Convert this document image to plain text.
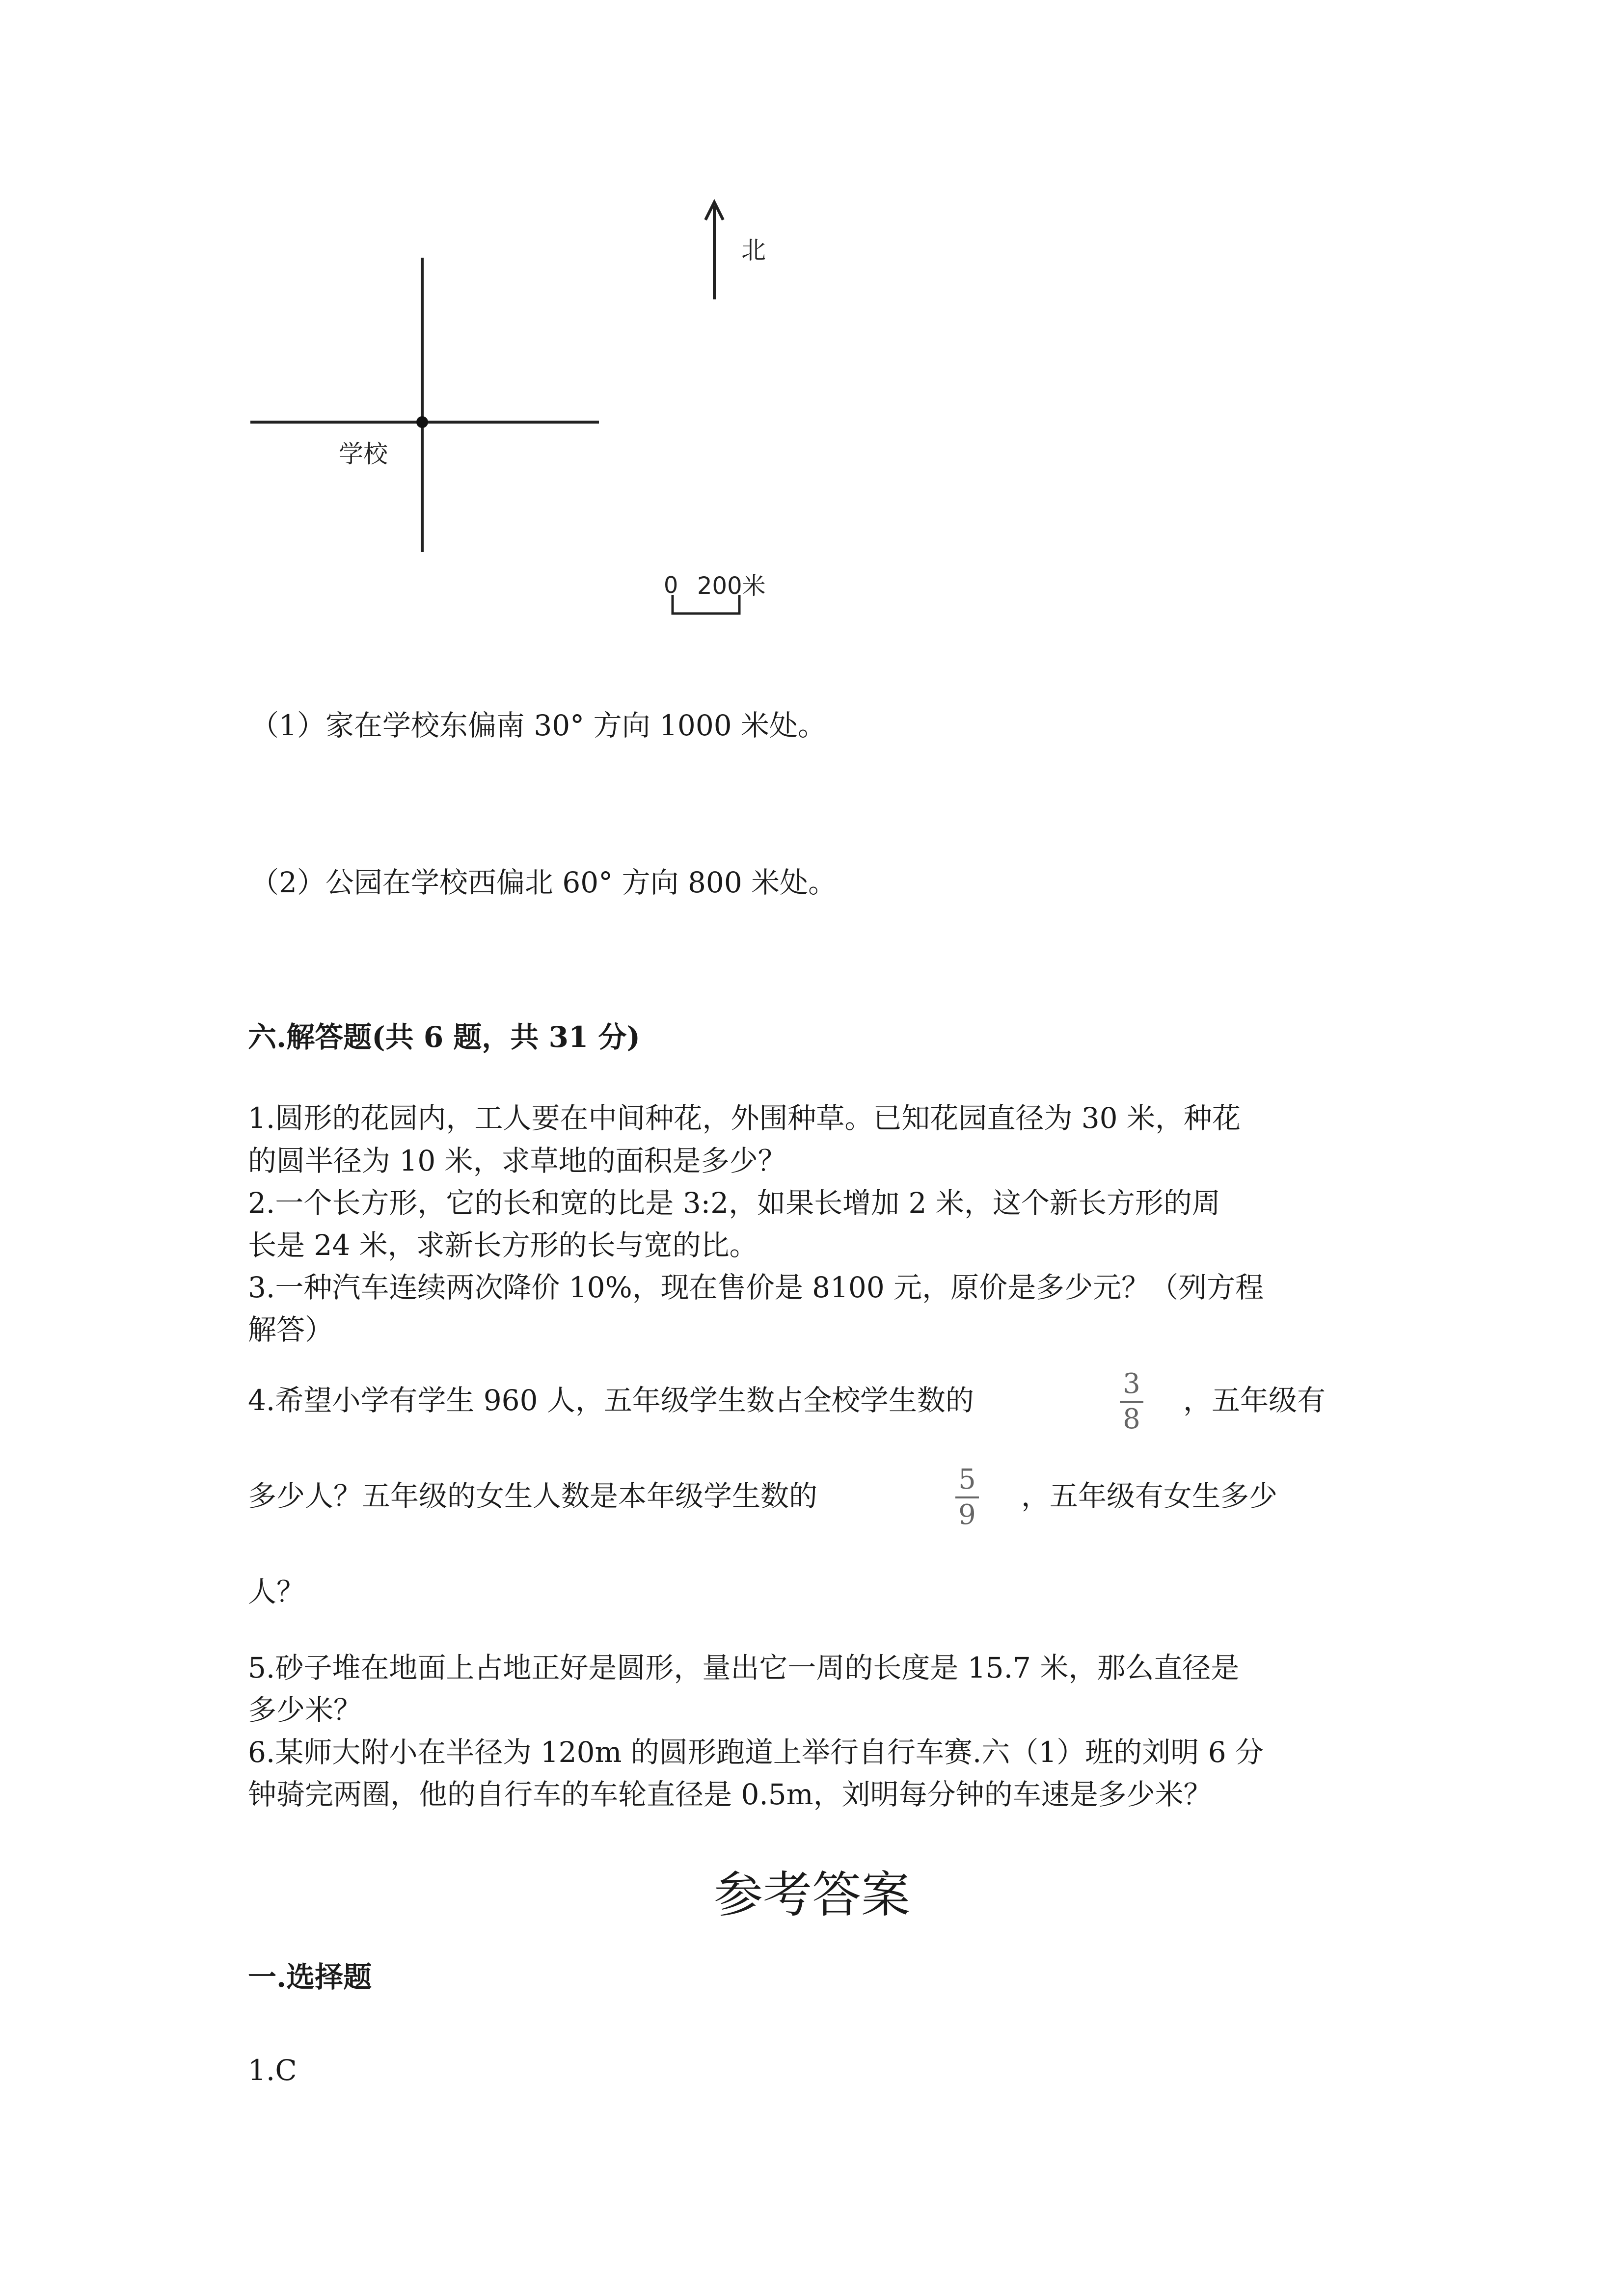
北
学校
0 200米
（1）家在学校东偏南 30° 方向 1000 米处。
（2）公园在学校西偏北 60° 方向 800 米处。
六.解答题(共 6 题，共 31 分)
1.圆形的花园内，工人要在中间种花，外围种草。已知花园直径为 30 米，种花
的圆半径为 10 米，求草地的面积是多少？
2.一个长方形，它的长和宽的比是 3:2，如果长增加 2 米，这个新长方形的周
长是 24 米，求新长方形的长与宽的比。
3.一种汽车连续两次降价 10%，现在售价是 8100 元，原价是多少元？（列方程
解答）
4.希望小学有学生 960 人，五年级学生数占全校学生数的	3
8
，五年级有
多少人？五年级的女生人数是本年级学生数的	5
9
，五年级有女生多少
人？
5.砂子堆在地面上占地正好是圆形，量出它一周的长度是 15.7 米，那么直径是
多少米？
6.某师大附小在半径为 120m 的圆形跑道上举行自行车赛.六（1）班的刘明 6 分
钟骑完两圈，他的自行车的车轮直径是 0.5m，刘明每分钟的车速是多少米？
参考答案
一.选择题
1.C
